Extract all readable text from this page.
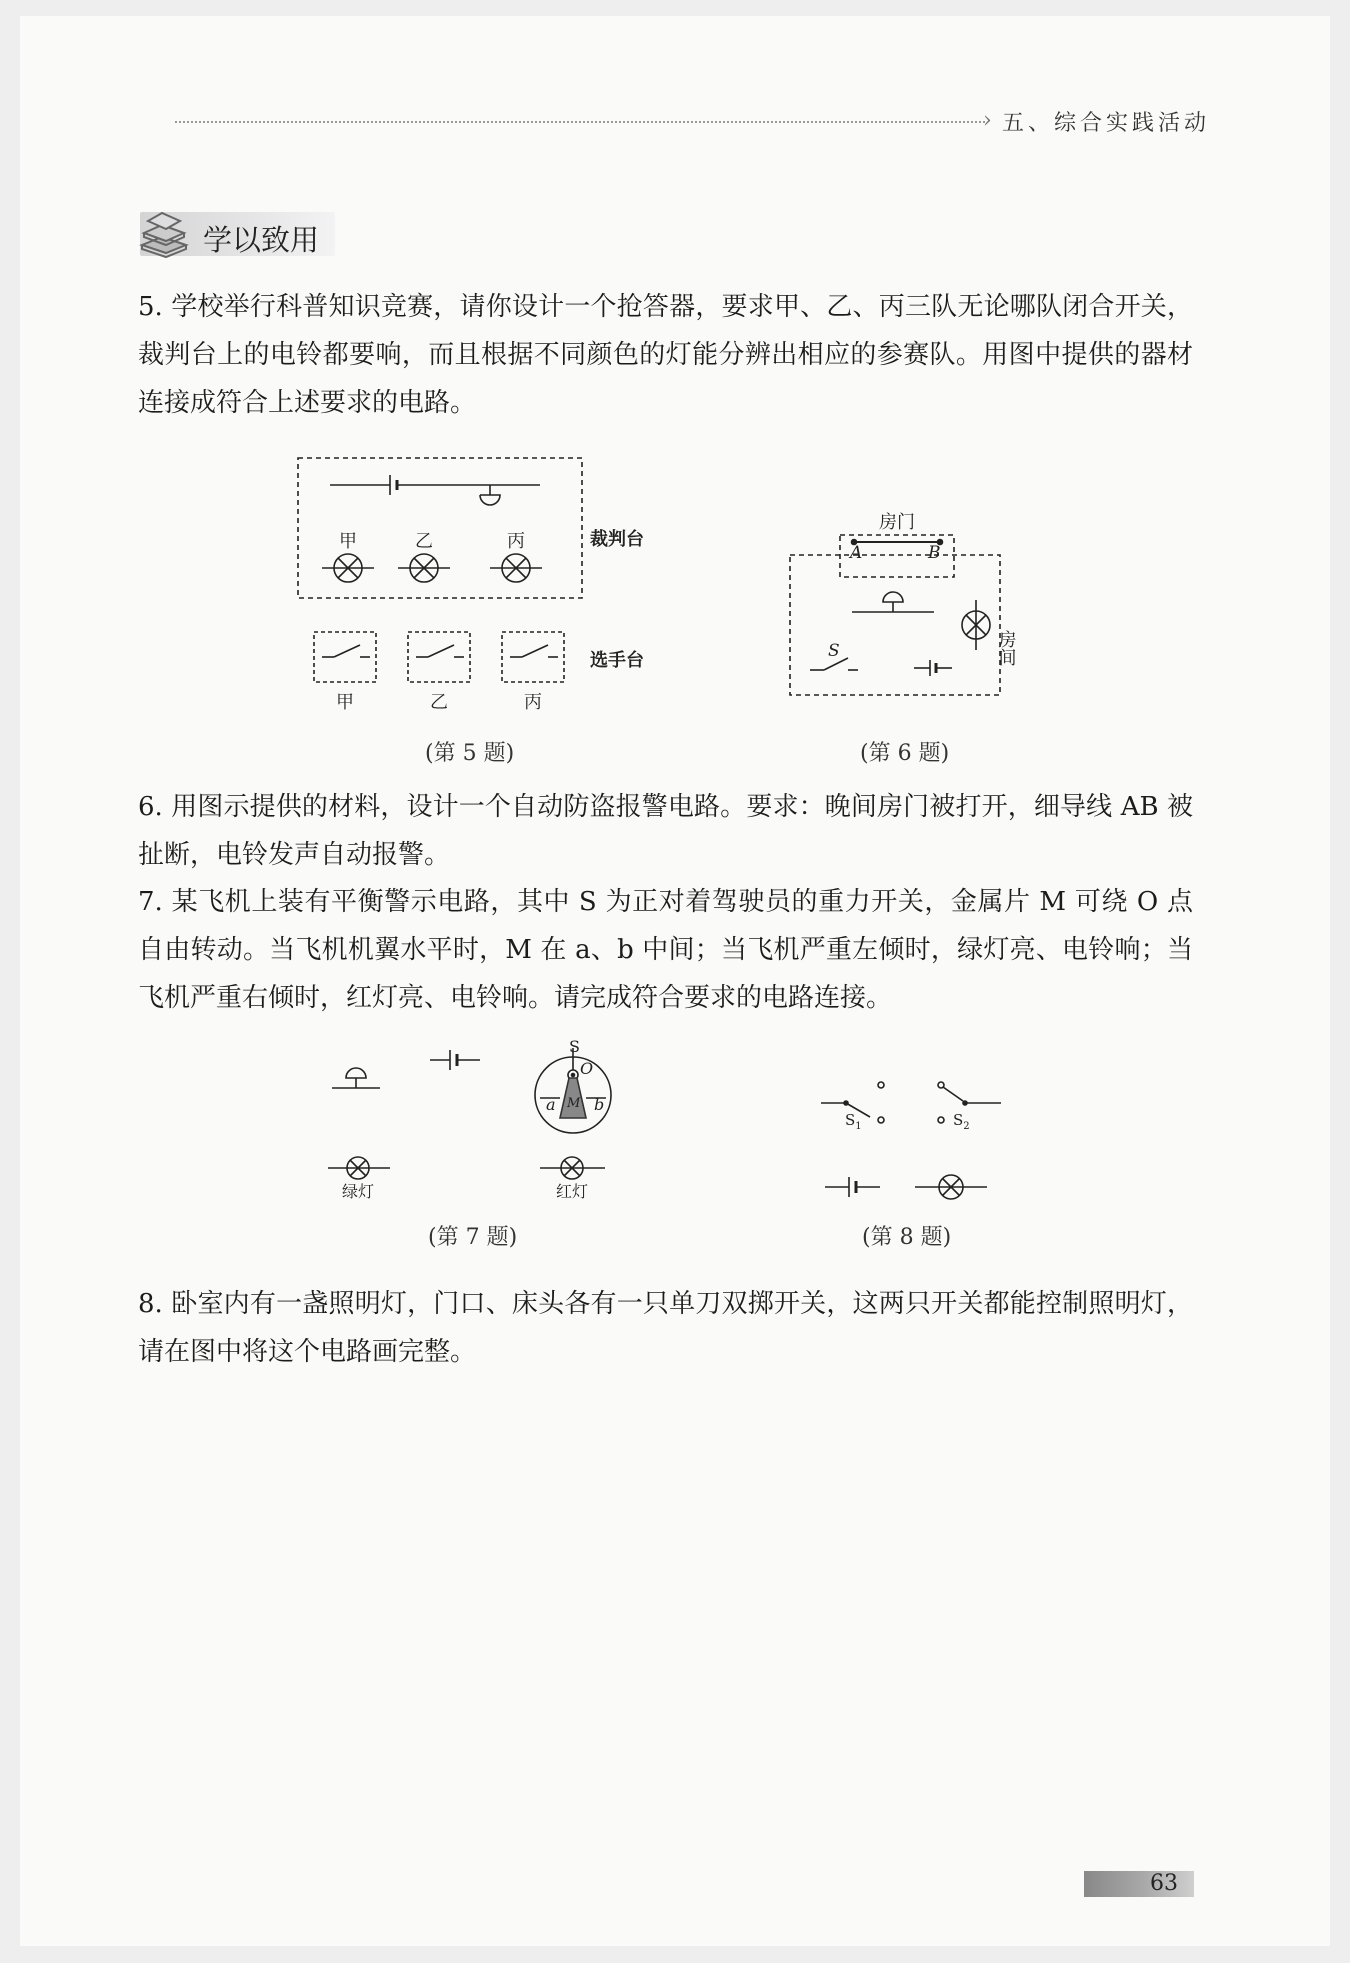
› 五、综合实践活动
学以致用
5. 学校举行科普知识竞赛，请你设计一个抢答器，要求甲、乙、丙三队无论哪队闭合开关，裁判台上的电铃都要响，而且根据不同颜色的灯能分辨出相应的参赛队。用图中提供的器材连接成符合上述要求的电路。
甲	乙	丙	裁判台
选手台
甲	乙	丙
(第 5 题)
房门
A	B
S	房间
(第 6 题)
6. 用图示提供的材料，设计一个自动防盗报警电路。要求：晚间房门被打开，细导线 AB 被扯断，电铃发声自动报警。
7. 某飞机上装有平衡警示电路，其中 S 为正对着驾驶员的重力开关，金属片 M 可绕 O 点自由转动。当飞机机翼水平时，M 在 a、b 中间；当飞机严重左倾时，绿灯亮、电铃响；当飞机严重右倾时，红灯亮、电铃响。请完成符合要求的电路连接。
S
O
M
a b
绿灯	红灯
(第 7 题)
$S_1$	$S_2$
(第 8 题)
8. 卧室内有一盏照明灯，门口、床头各有一只单刀双掷开关，这两只开关都能控制照明灯，请在图中将这个电路画完整。
63
